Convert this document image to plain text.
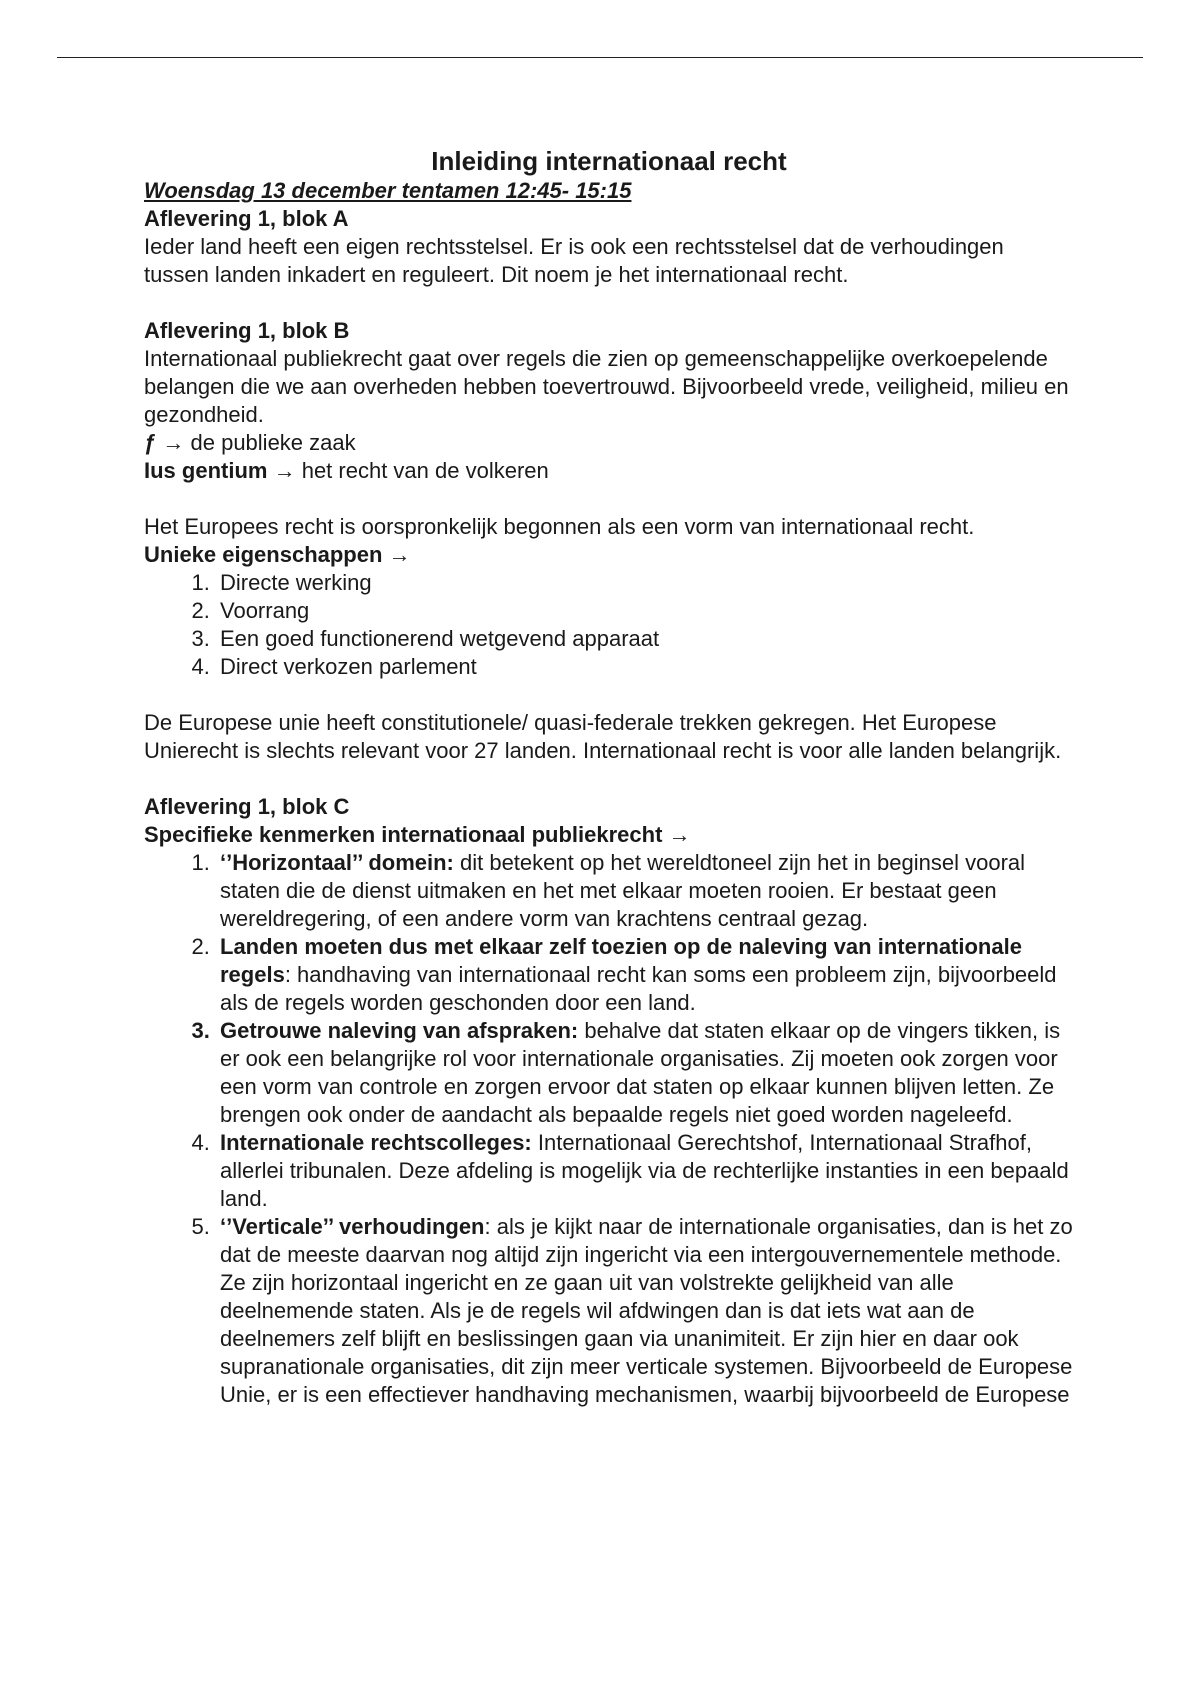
Inleiding internationaal recht

Woensdag 13 december tentamen 12:45- 15:15

Aflevering 1, blok A

Ieder land heeft een eigen rechtsstelsel. Er is ook een rechtsstelsel dat de verhoudingen tussen landen inkadert en reguleert. Dit noem je het internationaal recht.

Aflevering 1, blok B

Internationaal publiekrecht gaat over regels die zien op gemeenschappelijke overkoepelende belangen die we aan overheden hebben toevertrouwd. Bijvoorbeeld vrede, veiligheid, milieu en gezondheid.

ƒ → de publieke zaak

Ius gentium → het recht van de volkeren

Het Europees recht is oorspronkelijk begonnen als een vorm van internationaal recht.

Unieke eigenschappen →

1. Directe werking
2. Voorrang
3. Een goed functionerend wetgevend apparaat
4. Direct verkozen parlement

De Europese unie heeft constitutionele/ quasi-federale trekken gekregen. Het Europese Unierecht is slechts relevant voor 27 landen. Internationaal recht is voor alle landen belangrijk.

Aflevering 1, blok C

Specifieke kenmerken internationaal publiekrecht →

1. ‘’Horizontaal’’ domein: dit betekent op het wereldtoneel zijn het in beginsel vooral staten die de dienst uitmaken en het met elkaar moeten rooien. Er bestaat geen wereldregering, of een andere vorm van krachtens centraal gezag.
2. Landen moeten dus met elkaar zelf toezien op de naleving van internationale regels: handhaving van internationaal recht kan soms een probleem zijn, bijvoorbeeld als de regels worden geschonden door een land.
3. Getrouwe naleving van afspraken: behalve dat staten elkaar op de vingers tikken, is er ook een belangrijke rol voor internationale organisaties. Zij moeten ook zorgen voor een vorm van controle en zorgen ervoor dat staten op elkaar kunnen blijven letten. Ze brengen ook onder de aandacht als bepaalde regels niet goed worden nageleefd.
4. Internationale rechtscolleges: Internationaal Gerechtshof, Internationaal Strafhof, allerlei tribunalen. Deze afdeling is mogelijk via de rechterlijke instanties in een bepaald land.
5. ‘’Verticale’’ verhoudingen: als je kijkt naar de internationale organisaties, dan is het zo dat de meeste daarvan nog altijd zijn ingericht via een intergouvernementele methode. Ze zijn horizontaal ingericht en ze gaan uit van volstrekte gelijkheid van alle deelnemende staten. Als je de regels wil afdwingen dan is dat iets wat aan de deelnemers zelf blijft en beslissingen gaan via unanimiteit. Er zijn hier en daar ook supranationale organisaties, dit zijn meer verticale systemen. Bijvoorbeeld de Europese Unie, er is een effectiever handhaving mechanismen, waarbij bijvoorbeeld de Europese
